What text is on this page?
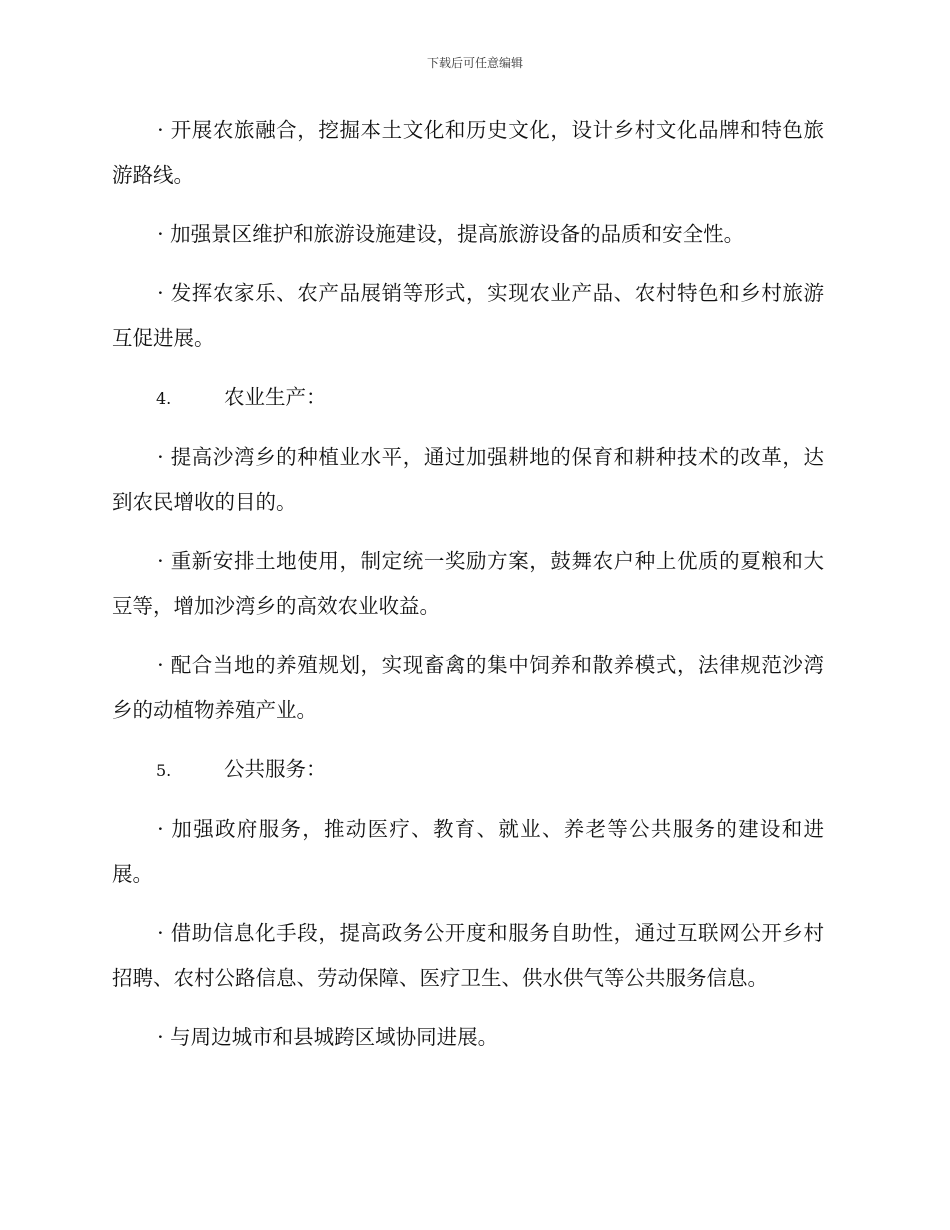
下载后可任意编辑

· 开展农旅融合，挖掘本土文化和历史文化，设计乡村文化品牌和特色旅游路线。

· 加强景区维护和旅游设施建设，提高旅游设备的品质和安全性。

· 发挥农家乐、农产品展销等形式，实现农业产品、农村特色和乡村旅游互促进展。

4.	农业生产：

· 提高沙湾乡的种植业水平，通过加强耕地的保育和耕种技术的改革，达到农民增收的目的。

· 重新安排土地使用，制定统一奖励方案，鼓舞农户种上优质的夏粮和大豆等，增加沙湾乡的高效农业收益。

· 配合当地的养殖规划，实现畜禽的集中饲养和散养模式，法律规范沙湾乡的动植物养殖产业。

5.	公共服务：

· 加强政府服务，推动医疗、教育、就业、养老等公共服务的建设和进展。

· 借助信息化手段，提高政务公开度和服务自助性，通过互联网公开乡村招聘、农村公路信息、劳动保障、医疗卫生、供水供气等公共服务信息。

· 与周边城市和县城跨区域协同进展。
